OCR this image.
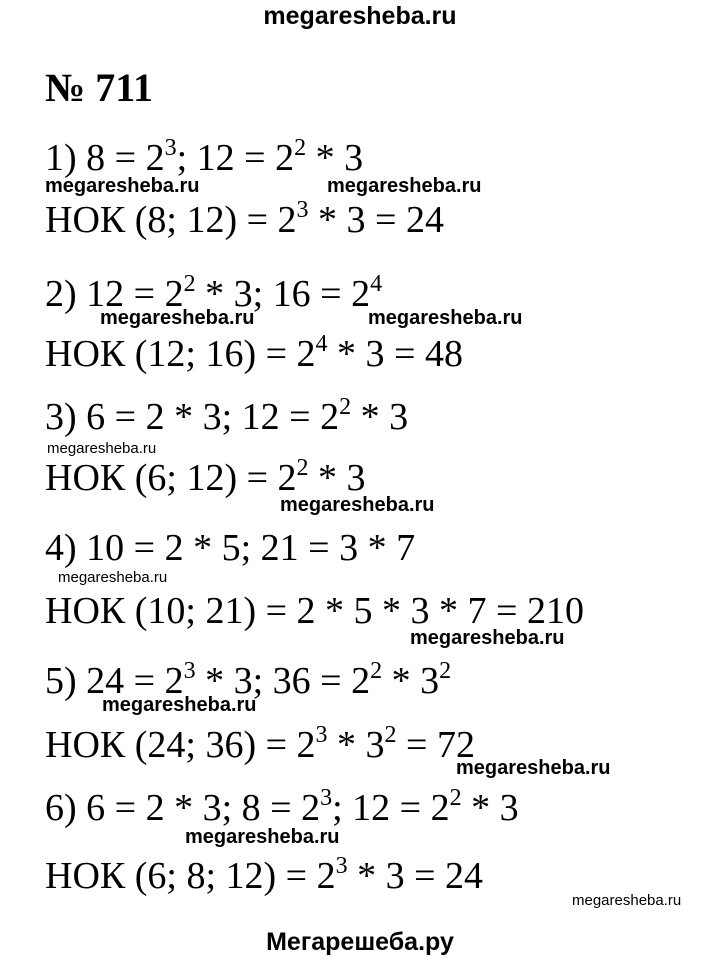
megaresheba.ru
№ 711
1) $8 = 2^3$; $12 = 2^2 * 3$
НОК (8; $12) = 2^3 * 3 = 24$
2) $12 = 2^2 * 3$; $16 = 2^4$
НОК (12; $16) = 2^4 * 3 = 48$
3) 6 = 2 * 3; $12 = 2^2 * 3$
НОК (6; $12) = 2^2 * 3$
4) 10 = 2 * 5; 21 = 3 * 7
НОК (10; 21) = 2 * 5 * 3 * 7 = 210
5) $24 = 2^3 * 3$; $36 = 2^2 * 3^2$
НОК (24; $36) = 2^3 * 3^2 = 72$
6) 6 = 2 * 3; $8 = 2^3$; $12 = 2^2 * 3$
НОК (6; 8; $12) = 2^3 * 3 = 24$
megaresheba.ru	megaresheba.ru
megaresheba.ru	megaresheba.ru
megaresheba.ru
megaresheba.ru
megaresheba.ru
megaresheba.ru
megaresheba.ru
megaresheba.ru
megaresheba.ru
megaresheba.ru
Мегарешеба.ру
